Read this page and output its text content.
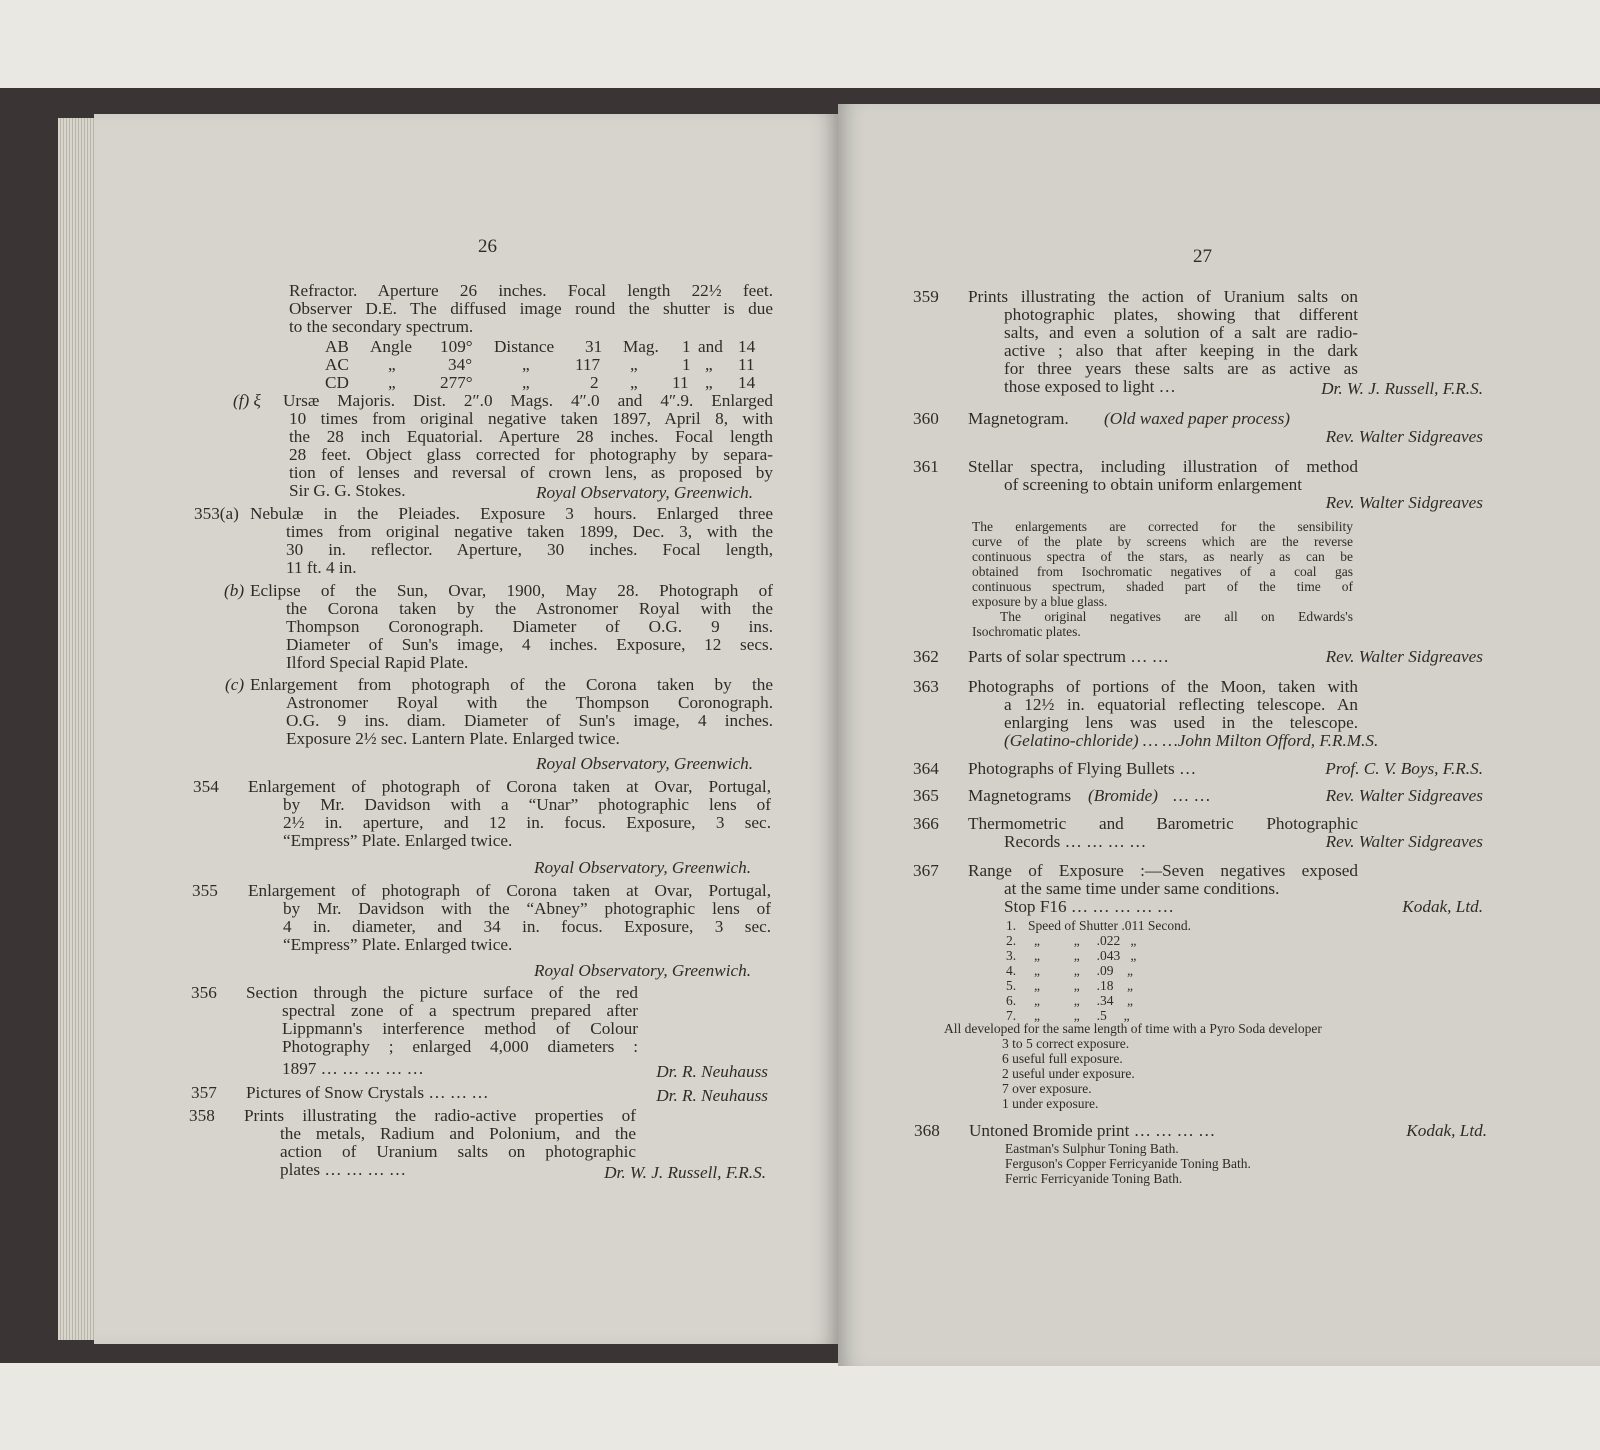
26
Refractor. Aperture 26 inches. Focal length 22½ feet.
Observer D.E. The diffused image round the shutter is due
to the secondary spectrum.
AB Angle 109° Distance 31 Mag. 1 and 14
AC „	34°	„	117 „	1 „ 11
CD „	277°	„	2 „ 11 „ 14
(f) ξ Ursæ Majoris. Dist. 2″.0 Mags. 4″.0 and 4″.9. Enlarged
10 times from original negative taken 1897, April 8, with
the 28 inch Equatorial. Aperture 28 inches. Focal length
28 feet. Object glass corrected for photography by separa-
tion of lenses and reversal of crown lens, as proposed by
Sir G. G. Stokes.	Royal Observatory, Greenwich.
353(a) Nebulæ in the Pleiades. Exposure 3 hours. Enlarged three
times from original negative taken 1899, Dec. 3, with the
30 in. reflector. Aperture, 30 inches. Focal length,
11 ft. 4 in.
(b) Eclipse of the Sun, Ovar, 1900, May 28. Photograph of
the Corona taken by the Astronomer Royal with the
Thompson Coronograph. Diameter of O.G. 9 ins.
Diameter of Sun's image, 4 inches. Exposure, 12 secs.
Ilford Special Rapid Plate.
(c) Enlargement from photograph of the Corona taken by the
Astronomer Royal with the Thompson Coronograph.
O.G. 9 ins. diam. Diameter of Sun's image, 4 inches.
Exposure 2½ sec. Lantern Plate. Enlarged twice.
Royal Observatory, Greenwich.
354 Enlargement of photograph of Corona taken at Ovar, Portugal,
by Mr. Davidson with a “Unar” photographic lens of
2½ in. aperture, and 12 in. focus. Exposure, 3 sec.
“Empress” Plate. Enlarged twice.
Royal Observatory, Greenwich.
355 Enlargement of photograph of Corona taken at Ovar, Portugal,
by Mr. Davidson with the “Abney” photographic lens of
4 in. diameter, and 34 in. focus. Exposure, 3 sec.
“Empress” Plate. Enlarged twice.
Royal Observatory, Greenwich.
356 Section through the picture surface of the red
spectral zone of a spectrum prepared after
Lippmann's interference method of Colour
Photography ; enlarged 4,000 diameters :
1897 … … … … …	Dr. R. Neuhauss
357 Pictures of Snow Crystals … … …	Dr. R. Neuhauss
358 Prints illustrating the radio-active properties of
the metals, Radium and Polonium, and the
action of Uranium salts on photographic
plates … … … …	Dr. W. J. Russell, F.R.S.
27
359 Prints illustrating the action of Uranium salts on
photographic plates, showing that different
salts, and even a solution of a salt are radio-
active ; also that after keeping in the dark
for three years these salts are as active as
those exposed to light …	Dr. W. J. Russell, F.R.S.
360 Magnetogram. (Old waxed paper process)
Rev. Walter Sidgreaves
361 Stellar spectra, including illustration of method
of screening to obtain uniform enlargement
Rev. Walter Sidgreaves
The enlargements are corrected for the sensibility
curve of the plate by screens which are the reverse
continuous spectra of the stars, as nearly as can be
obtained from Isochromatic negatives of a coal gas
continuous spectrum, shaded part of the time of
exposure by a blue glass.
The original negatives are all on Edwards's
Isochromatic plates.
362 Parts of solar spectrum … …	Rev. Walter Sidgreaves
363 Photographs of portions of the Moon, taken with
a 12½ in. equatorial reflecting telescope. An
enlarging lens was used in the telescope.
(Gelatino-chloride) … …John Milton Offord, F.R.M.S.
364 Photographs of Flying Bullets …	Prof. C. V. Boys, F.R.S.
365 Magnetograms (Bromide) … …	Rev. Walter Sidgreaves
366 Thermometric and Barometric Photographic
Records … … … …	Rev. Walter Sidgreaves
367 Range of Exposure :—Seven negatives exposed
at the same time under same conditions.
Stop F16 … … … … …	Kodak, Ltd.
1. Speed of Shutter .011 Second.
2. „          „     .022   „
3. „          „     .043   „
4. „          „     .09    „
5. „          „     .18    „
6. „          „     .34    „
7. „          „     .5     „
All developed for the same length of time with a Pyro Soda developer
3 to 5 correct exposure.
6 useful full exposure.
2 useful under exposure.
7 over exposure.
1 under exposure.
368 Untoned Bromide print … … … …	Kodak, Ltd.
Eastman's Sulphur Toning Bath.
Ferguson's Copper Ferricyanide Toning Bath.
Ferric Ferricyanide Toning Bath.
